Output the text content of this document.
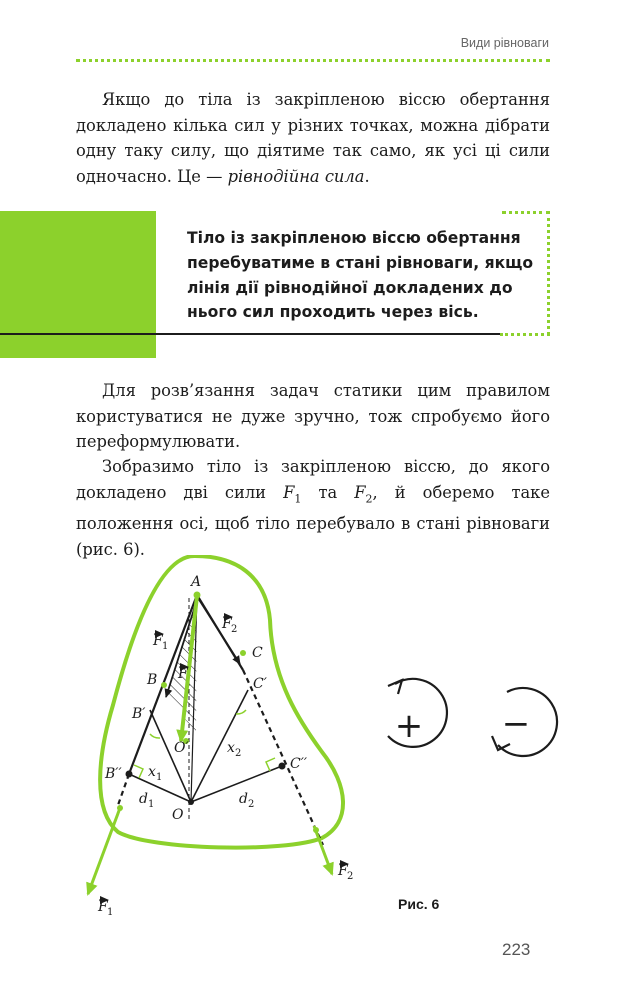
Види рівноваги
Якщо до тіла із закріпленою віссю обертання докладено кілька сил у різних точках, можна дібрати одну таку силу, що діятиме так само, як усі ці сили одночасно. Це — рівнодійна сила.
Тіло із закріпленою віссю обертання перебуватиме в стані рівноваги, якщо лінія дії рівнодійної докладених до нього сил проходить через вісь.
Для розв’язання задач статики цим правилом користуватися не дуже зручно, тож спробуємо його переформулювати.
Зобразимо тіло із закріпленою віссю, до якого докладено дві сили $F_1$ та $F_2$, й оберемо таке положення осі, щоб тіло перебувало в стані рівноваги (рис. 6).
A
C
B
B′
C′
B′′
C′′
O
O′
F 1
F 2
F
x 1
x 2
d 1	d 2
F 1
F 2
+ −
Рис. 6
223
